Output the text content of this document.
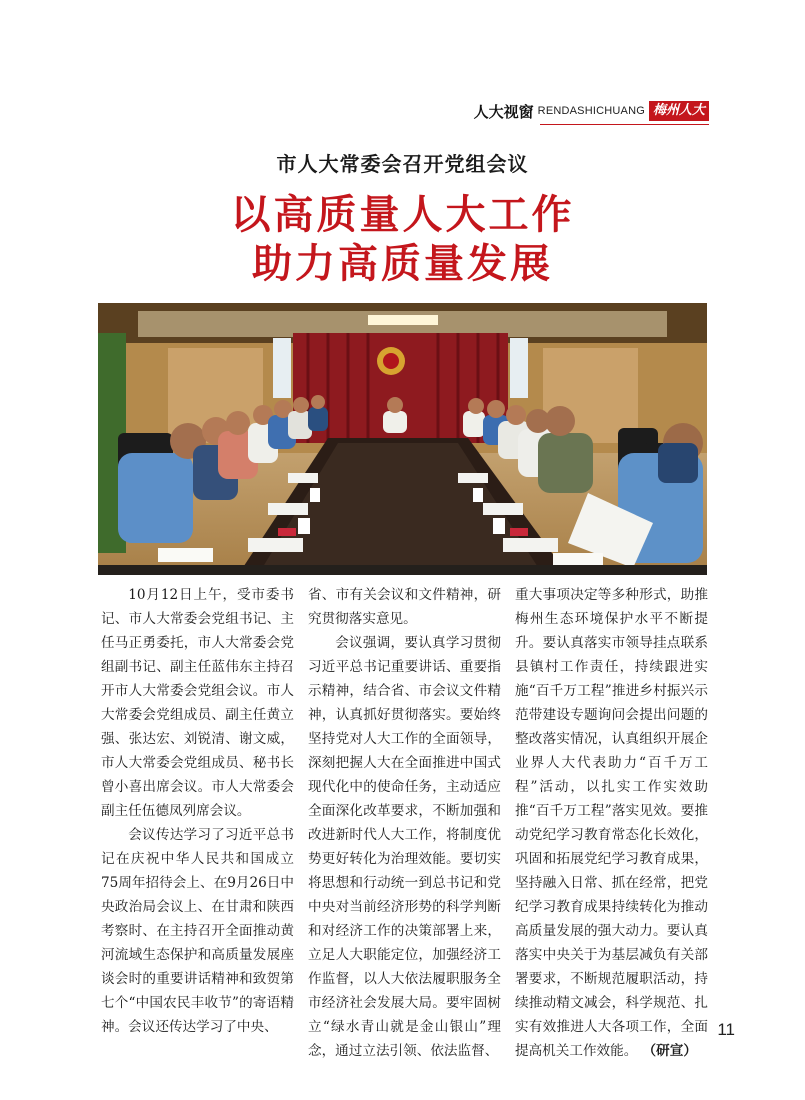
人大视窗 RENDASHICHUANG 梅州人大
市人大常委会召开党组会议
以高质量人大工作
助力高质量发展

10月12日上午，受市委书记、市人大常委会党组书记、主任马正勇委托，市人大常委会党组副书记、副主任蓝伟东主持召开市人大常委会党组会议。市人大常委会党组成员、副主任黄立强、张达宏、刘锐清、谢文威，市人大常委会党组成员、秘书长曾小喜出席会议。市人大常委会副主任伍德凤列席会议。

会议传达学习了习近平总书记在庆祝中华人民共和国成立75周年招待会上、在9月26日中央政治局会议上、在甘肃和陕西考察时、在主持召开全面推动黄河流域生态保护和高质量发展座谈会时的重要讲话精神和致贺第七个“中国农民丰收节”的寄语精神。会议还传达学习了中央、

省、市有关会议和文件精神，研究贯彻落实意见。

会议强调，要认真学习贯彻习近平总书记重要讲话、重要指示精神，结合省、市会议文件精神，认真抓好贯彻落实。要始终坚持党对人大工作的全面领导，深刻把握人大在全面推进中国式现代化中的使命任务，主动适应全面深化改革要求，不断加强和改进新时代人大工作，将制度优势更好转化为治理效能。要切实将思想和行动统一到总书记和党中央对当前经济形势的科学判断和对经济工作的决策部署上来，立足人大职能定位，加强经济工作监督，以人大依法履职服务全市经济社会发展大局。要牢固树立“绿水青山就是金山银山”理念，通过立法引领、依法监督、

重大事项决定等多种形式，助推梅州生态环境保护水平不断提升。要认真落实市领导挂点联系县镇村工作责任，持续跟进实施“百千万工程”推进乡村振兴示范带建设专题询问会提出问题的整改落实情况，认真组织开展企业界人大代表助力“百千万工程”活动，以扎实工作实效助推“百千万工程”落实见效。要推动党纪学习教育常态化长效化，巩固和拓展党纪学习教育成果，坚持融入日常、抓在经常，把党纪学习教育成果持续转化为推动高质量发展的强大动力。要认真落实中央关于为基层减负有关部署要求，不断规范履职活动，持续推动精文减会，科学规范、扎实有效推进人大各项工作，全面提高机关工作效能。 （研宣）

11
